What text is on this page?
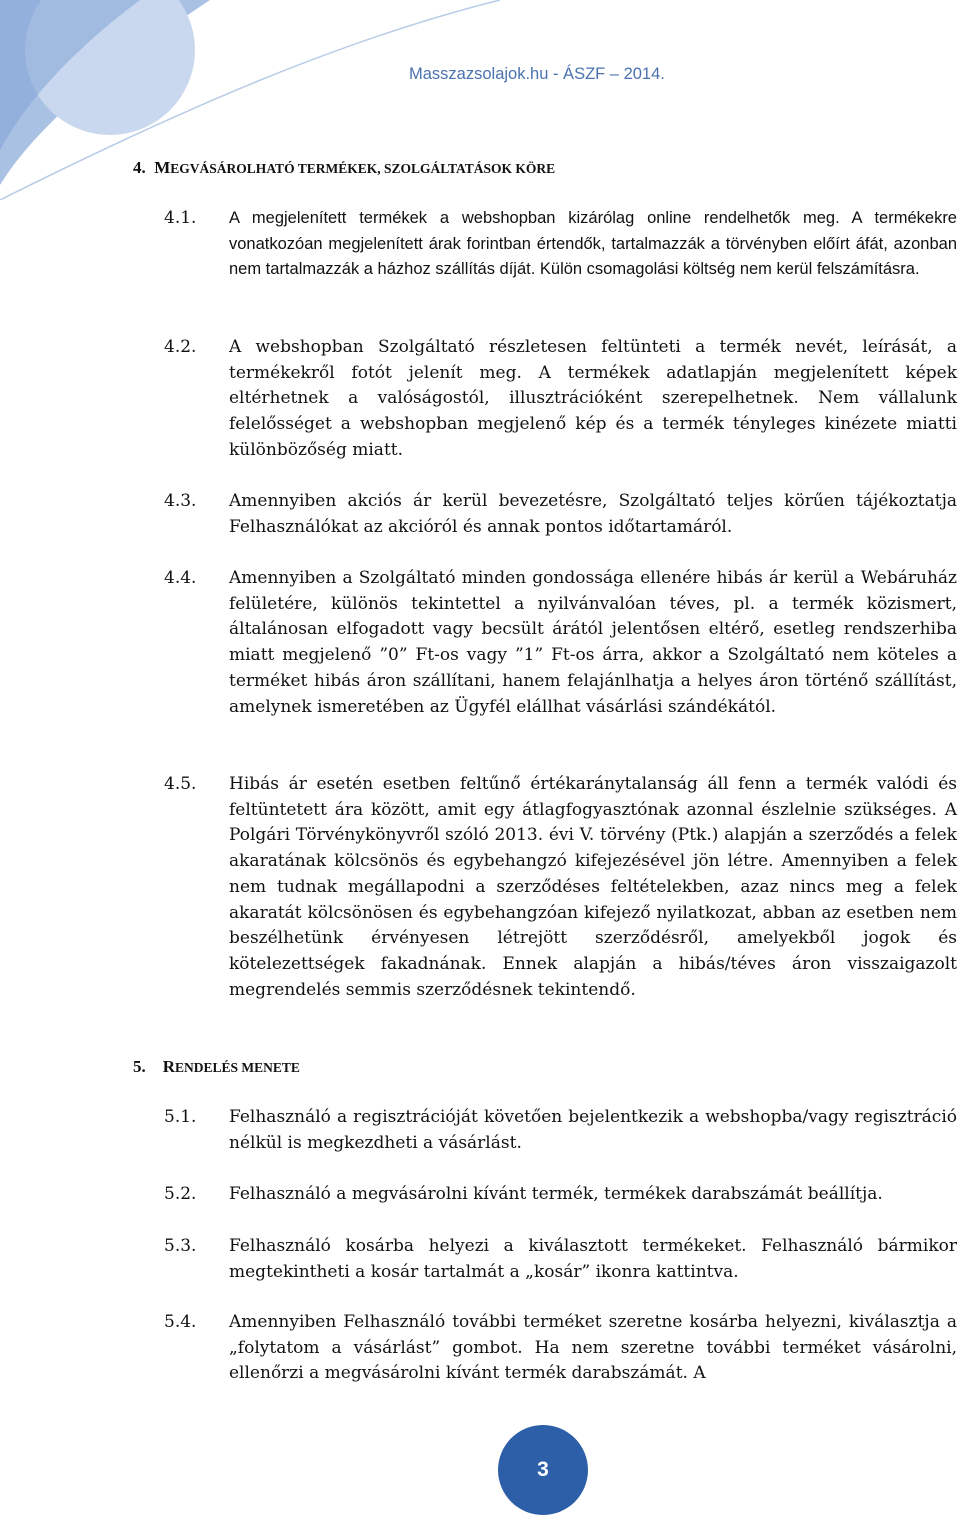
Masszazsolajok.hu - ÁSZF – 2014.
4. MEGVÁSÁROLHATÓ TERMÉKEK, SZOLGÁLTATÁSOK KÖRE
4.1. A megjelenített termékek a webshopban kizárólag online rendelhetők meg. A termékekre vonatkozóan megjelenített árak forintban értendők, tartalmazzák a törvényben előírt áfát, azonban nem tartalmazzák a házhoz szállítás díját. Külön csomagolási költség nem kerül felszámításra.
4.2. A webshopban Szolgáltató részletesen feltünteti a termék nevét, leírását, a termékekről fotót jelenít meg. A termékek adatlapján megjelenített képek eltérhetnek a valóságostól, illusztrációként szerepelhetnek. Nem vállalunk felelősséget a webshopban megjelenő kép és a termék tényleges kinézete miatti különbözőség miatt.
4.3. Amennyiben akciós ár kerül bevezetésre, Szolgáltató teljes körűen tájékoztatja Felhasználókat az akcióról és annak pontos időtartamáról.
4.4. Amennyiben a Szolgáltató minden gondossága ellenére hibás ár kerül a Webáruház felületére, különös tekintettel a nyilvánvalóan téves, pl. a termék közismert, általánosan elfogadott vagy becsült árától jelentősen eltérő, esetleg rendszerhiba miatt megjelenő ”0” Ft-os vagy ”1” Ft-os árra, akkor a Szolgáltató nem köteles a terméket hibás áron szállítani, hanem felajánlhatja a helyes áron történő szállítást, amelynek ismeretében az Ügyfél elállhat vásárlási szándékától.
4.5. Hibás ár esetén esetben feltűnő értékaránytalanság áll fenn a termék valódi és feltüntetett ára között, amit egy átlagfogyasztónak azonnal észlelnie szükséges. A Polgári Törvénykönyvről szóló 2013. évi V. törvény (Ptk.) alapján a szerződés a felek akaratának kölcsönös és egybehangzó kifejezésével jön létre. Amennyiben a felek nem tudnak megállapodni a szerződéses feltételekben, azaz nincs meg a felek akaratát kölcsönösen és egybehangzóan kifejező nyilatkozat, abban az esetben nem beszélhetünk érvényesen létrejött szerződésről, amelyekből jogok és kötelezettségek fakadnának. Ennek alapján a hibás/téves áron visszaigazolt megrendelés semmis szerződésnek tekintendő.
5. RENDELÉS MENETE
5.1. Felhasználó a regisztrációját követően bejelentkezik a webshopba/vagy regisztráció nélkül is megkezdheti a vásárlást.
5.2. Felhasználó a megvásárolni kívánt termék, termékek darabszámát beállítja.
5.3. Felhasználó kosárba helyezi a kiválasztott termékeket. Felhasználó bármikor megtekintheti a kosár tartalmát a „kosár” ikonra kattintva.
5.4. Amennyiben Felhasználó további terméket szeretne kosárba helyezni, kiválasztja a „folytatom a vásárlást” gombot. Ha nem szeretne további terméket vásárolni, ellenőrzi a megvásárolni kívánt termék darabszámát. A
3
